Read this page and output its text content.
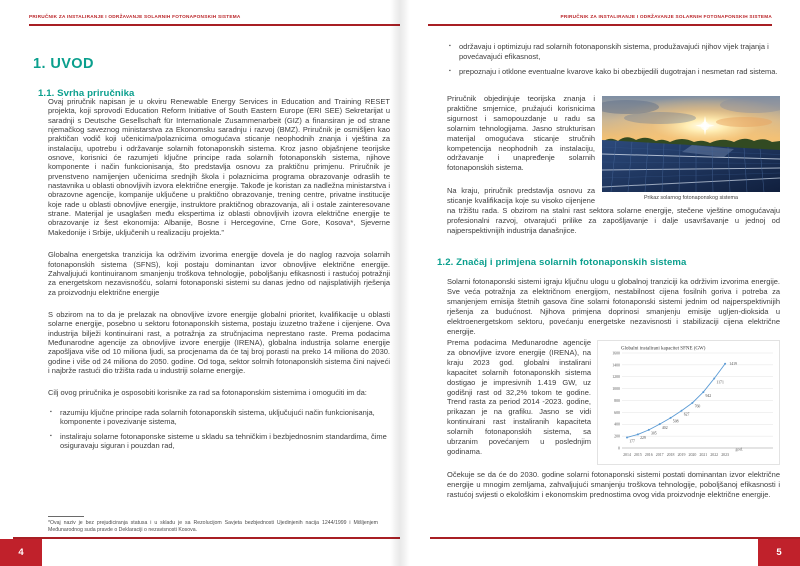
PRIRUČNIK ZA INSTALIRANJE I ODRŽAVANJE SOLARNIH FOTONAPONSKIH SISTEMA
1. UVOD
1.1. Svrha priručnika

Ovaj priručnik napisan je u okviru Renewable Energy Services in Education and Training RESET projekta, koji sprovodi Education Reform Initiative of South Eastern Europe (ERI SEE) Sekretarijat u saradnji s Deutsche Gesellschaft für Internationale Zusammenarbeit (GIZ) a finansiran je od strane njemačkog saveznog ministarstva za Ekonomsku saradnju i razvoj (BMZ). Priručnik je osmišljen kao praktičan vodič koji učenicima/polaznicima omogućava sticanje neophodnih znanja i vještina za instalaciju, upotrebu i održavanje solarnih fotonaponskih sistema. Kroz jasno objašnjene teorijske osnove, korisnici će razumjeti ključne principe rada solarnih fotonaponskih sistema, njihove komponente i način funkcionisanja, što predstavlja osnovu za praktičnu primjenu. Priručnik je prvenstveno namijenjen učenicima srednjih škola i polaznicima programa obrazovanje odraslih te nastavnika u oblasti obnovljivih izvora električne energije. Takođe je koristan za nadležna ministarstva i obrazovne agencije, kompanije uključene u praktično obrazovanje, trening centre, privatne institucije koje rade u oblasti obnovljive energije, instruktore praktičnog obrazovanja, ali i ostale zainteresovane strane. Materijal je usaglašen među ekspertima iz oblasti obnovljivih izovra električne energije te obrazovanje iz šest ekonomija: Albanije, Bosne i Hercegovine, Crne Gore, Kosova*, Sjeverne Makedonije i Srbije, uključenih u realizaciju projekta.”

Globalna energetska tranzicija ka održivim izvorima energije dovela je do naglog razvoja solarnih fotonaponskih sistema (SFNS), koji postaju dominantan izvor obnovljive električne energije. Zahvaljujući kontinuiranom smanjenju troškova tehnologije, poboljšanju efikasnosti i rastućoj potražnji za energetskom nezavisnošću, solarni fotonaponski sistemi su danas jedno od najisplativijih rješenja za proizvodnju električne energije

S obzirom na to da je prelazak na obnovljive izvore energije globalni prioritet, kvalifikacije u oblasti solarne energije, posebno u sektoru fotonaponskih sistema, postaju izuzetno tražene i cijenjene. Ova industrija bilježi kontinuirani rast, a potražnja za stručnjacima neprestano raste. Prema podacima Međunarodne agencije za obnovljive izvore energije (IRENA), globalna industrija solarne energije zapošljava više od 10 miliona ljudi, sa procjenama da će taj broj porasti na preko 14 miliona do 2030. godine i više od 24 miliona do 2050. godine. Od toga, sektor solrnih fotonaponskih sistema čini najveći i najbrže rastući dio tržišta rada u industriji solarne energije.

Cilj ovog priručnika je osposobiti korisnike za rad sa fotonaponskim sistemima i omogućiti im da:

▪	razumiju ključne principe rada solarnih fotonaponskih sistema, uključujući način funkcionisanja, komponente i povezivanje sistema,
▪	instaliraju solarne fotonaponske sisteme u skladu sa tehničkim i bezbjednosnim standardima, čime osiguravaju siguran i pouzdan rad,
*Ovaj naziv je bez prejudiciranja statusa i u skladu je sa Rezolucijom Savjeta bezbjednosti Ujedinjenih nacija 1244/1999 i Mišljenjem Međunarodnog suda pravde o Deklaraciji o nezavisnosti Kosova.
4
PRIRUČNIK ZA INSTALIRANJE I ODRŽAVANJE SOLARNIH FOTONAPONSKIH SISTEMA
▪	održavaju i optimizuju rad solarnih fotonaponskih sistema, produžavajući njihov vijek trajanja i povećavajući efikasnost,
▪	prepoznaju i otklone eventualne kvarove kako bi obezbijedili dugotrajan i nesmetan rad sistema.
Prikaz solarnog fotonaponskog sistema

Priručnik objedinjuje teorijska znanja i praktične smjernice, pružajući korisnicima sigurnost i samopouzdanje u radu sa solarnim tehnologijama. Jasno strukturisan materijal omogućava sticanje stručnih kompetencija neophodnih za instalaciju, održavanje i unapređenje solarnih fotonaponskih sistema.

Na kraju, priručnik predstavlja osnovu za sticanje kvalifikacija koje su visoko cijenjene na tržištu rada. S obzirom na stalni rast sektora solarne energije, stečene vještine omogućavaju profesionalni razvoj, otvarajući prilike za zapošljavanje i dalje usavršavanje u jednoj od najperspektivnijih industrija današnjice.

1.2. Značaj i primjena solarnih fotonaponskih sistema

Solarni fotonaponski sistemi igraju ključnu ulogu u globalnoj tranziciji ka održivim izvorima energije. Sve veća potražnja za električnom energijom, nestabilnost cijena fosilnih goriva i potreba za smanjenjem emisija štetnih gasova čine solarni fotonaponski sistemi jednim od najperspektivnijih rješenja za budućnost. Njihova primjena doprinosi smanjenju emisije ugljen-dioksida u elektroenergetskom sektoru, povećanju energetske nezavisnosti i stabilizaciji cijena električne energije.

Globalni instalirani kapacitet SFNE (GW)
0
200
400
600
800
1000
1200
1400
1600
2014 2015 2016 2017 2018 2019 2020 2021 2022 2023
god.
177
229
305
402
508
627
760
942
1171
1419

Prema podacima Međunarodne agencije za obnovljive izvore energije (IRENA), na kraju 2023 god. globalni instalirani kapacitet solarnih fotonaponskih sistema dostigao je impresivnih 1.419 GW, uz godišnji rast od 32,2% tokom te godine. Trend rasta za period 2014 -2023. godine, prikazan je na grafiku. Jasno se vidi kontinuirani rast instaliranih kapaciteta solarnih fotonaponskih sistema, sa ubrzanim povećanjem u poslednjim godinama.

Očekuje se da će do 2030. godine solarni fotonaponski sistemi postati dominantan izvor električne energije u mnogim zemljama, zahvaljujući smanjenju troškova tehnologije, poboljšanoj efikasnosti i rastućoj svijesti o ekološkim i ekonomskim prednostima ovog vida proizvodnje električne energije.

5
